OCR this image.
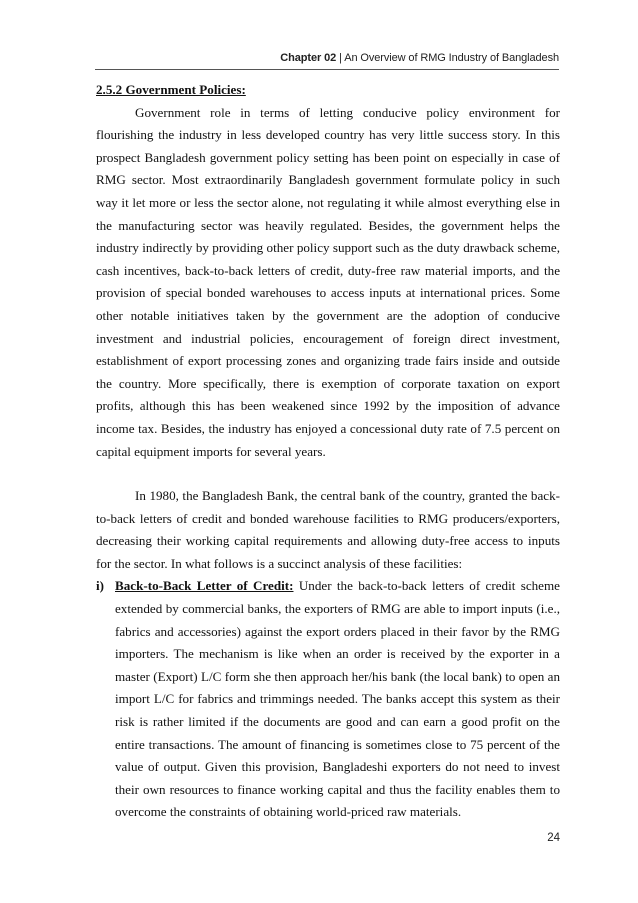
Chapter 02 | An Overview of RMG Industry of Bangladesh

2.5.2 Government Policies:

Government role in terms of letting conducive policy environment for flourishing the industry in less developed country has very little success story. In this prospect Bangladesh government policy setting has been point on especially in case of RMG sector. Most extraordinarily Bangladesh government formulate policy in such way it let more or less the sector alone, not regulating it while almost everything else in the manufacturing sector was heavily regulated. Besides, the government helps the industry indirectly by providing other policy support such as the duty drawback scheme, cash incentives, back-to-back letters of credit, duty-free raw material imports, and the provision of special bonded warehouses to access inputs at international prices. Some other notable initiatives taken by the government are the adoption of conducive investment and industrial policies, encouragement of foreign direct investment, establishment of export processing zones and organizing trade fairs inside and outside the country. More specifically, there is exemption of corporate taxation on export profits, although this has been weakened since 1992 by the imposition of advance income tax. Besides, the industry has enjoyed a concessional duty rate of 7.5 percent on capital equipment imports for several years.

In 1980, the Bangladesh Bank, the central bank of the country, granted the back-to-back letters of credit and bonded warehouse facilities to RMG producers/exporters, decreasing their working capital requirements and allowing duty-free access to inputs for the sector. In what follows is a succinct analysis of these facilities:

i) Back-to-Back Letter of Credit: Under the back-to-back letters of credit scheme extended by commercial banks, the exporters of RMG are able to import inputs (i.e., fabrics and accessories) against the export orders placed in their favor by the RMG importers. The mechanism is like when an order is received by the exporter in a master (Export) L/C form she then approach her/his bank (the local bank) to open an import L/C for fabrics and trimmings needed. The banks accept this system as their risk is rather limited if the documents are good and can earn a good profit on the entire transactions. The amount of financing is sometimes close to 75 percent of the value of output. Given this provision, Bangladeshi exporters do not need to invest their own resources to finance working capital and thus the facility enables them to overcome the constraints of obtaining world-priced raw materials.

24
